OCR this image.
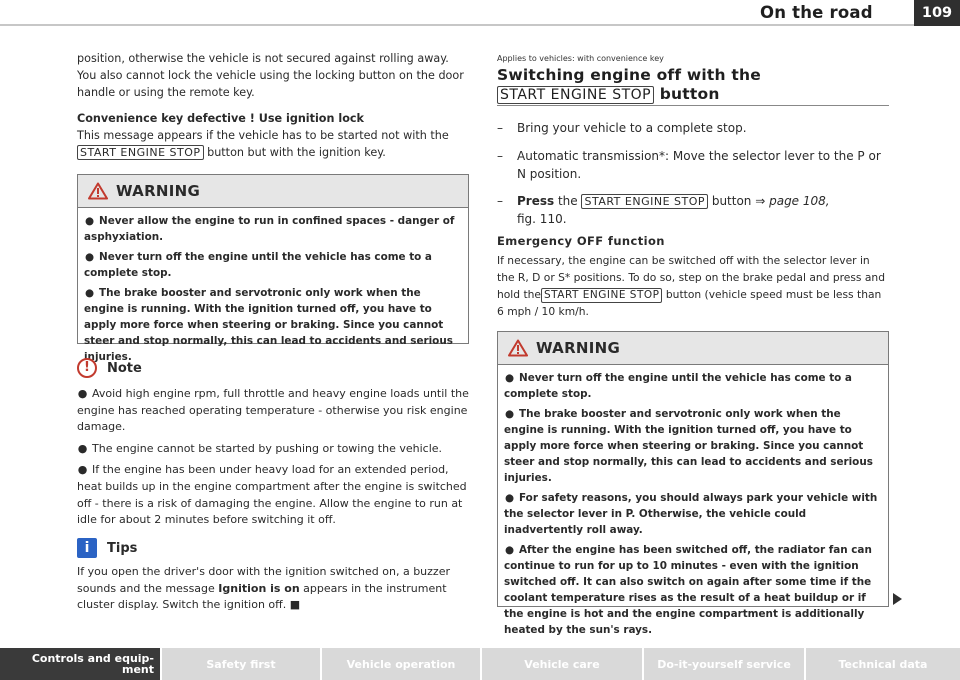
On the road	109

position, otherwise the vehicle is not secured against rolling away. You also cannot lock the vehicle using the locking button on the door handle or using the remote key.

Convenience key defective ! Use ignition lock

This message appears if the vehicle has to be started not with the
START ENGINE STOP button but with the ignition key.

WARNING

● Never allow the engine to run in confined spaces - danger of asphyxiation.

● Never turn off the engine until the vehicle has come to a complete stop.

● The brake booster and servotronic only work when the engine is running. With the ignition turned off, you have to apply more force when steering or braking. Since you cannot steer and stop normally, this can lead to accidents and serious injuries.

!	Note

● Avoid high engine rpm, full throttle and heavy engine loads until the engine has reached operating temperature - otherwise you risk engine damage.

● The engine cannot be started by pushing or towing the vehicle.

● If the engine has been under heavy load for an extended period, heat builds up in the engine compartment after the engine is switched off - there is a risk of damaging the engine. Allow the engine to run at idle for about 2 minutes before switching it off.

i	Tips

If you open the driver's door with the ignition switched on, a buzzer sounds and the message Ignition is on appears in the instrument cluster display. Switch the ignition off. ■

Applies to vehicles: with convenience key

Switching engine off with the
START ENGINE STOP button
–	Bring your vehicle to a complete stop.
–	Automatic transmission*: Move the selector lever to the P or N position.
–	Press the START ENGINE STOP button ⇒ page 108,
fig. 110.

Emergency OFF function

If necessary, the engine can be switched off with the selector lever in the R, D or S* positions. To do so, step on the brake pedal and press and hold the START ENGINE STOP button (vehicle speed must be less than 6 mph / 10 km/h.

WARNING

● Never turn off the engine until the vehicle has come to a complete stop.

● The brake booster and servotronic only work when the engine is running. With the ignition turned off, you have to apply more force when steering or braking. Since you cannot steer and stop normally, this can lead to accidents and serious injuries.

● For safety reasons, you should always park your vehicle with the selector lever in P. Otherwise, the vehicle could inadvertently roll away.

● After the engine has been switched off, the radiator fan can continue to run for up to 10 minutes - even with the ignition switched off. It can also switch on again after some time if the coolant temperature rises as the result of a heat buildup or if the engine is hot and the engine compartment is additionally heated by the sun's rays.

Controls and equip- ment	Safety first	Vehicle operation	Vehicle care	Do-it-yourself service	Technical data
